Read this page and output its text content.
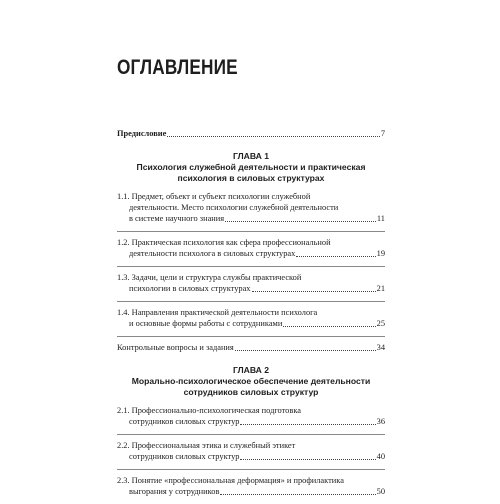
ОГЛАВЛЕНИЕ
Предисловие	7
ГЛАВА 1
Психология служебной деятельности и практическая психология в силовых структурах
1.1. Предмет, объект и субъект психологии служебной
деятельности. Место психологии служебной деятельности
в системе научного знания	11
1.2. Практическая психология как сфера профессиональной
деятельности психолога в силовых структурах	19
1.3. Задачи, цели и структура службы практической
психологии в силовых структурах	21
1.4. Направления практической деятельности психолога
и основные формы работы с сотрудниками	25
Контрольные вопросы и задания	34
ГЛАВА 2
Морально-психологическое обеспечение деятельности сотрудников силовых структур
2.1. Профессионально-психологическая подготовка
сотрудников силовых структур	36
2.2. Профессиональная этика и служебный этикет
сотрудников силовых структур	40
2.3. Понятие «профессиональная деформация» и профилактика
выгорания у сотрудников	50
